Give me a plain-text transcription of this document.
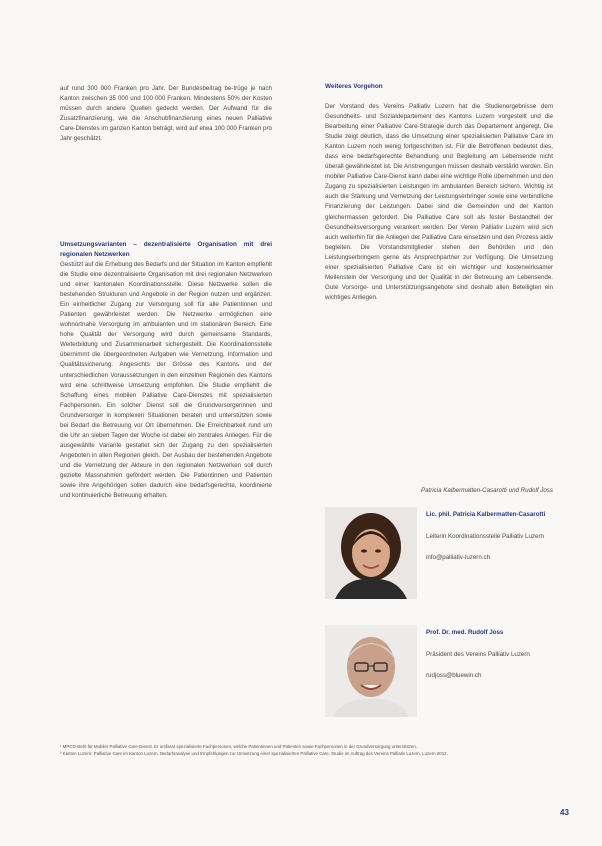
auf rund 300 000 Franken pro Jahr. Der Bundesbeitrag be-trüge je nach Kanton zwischen 35 000 und 100 000 Franken. Mindestens 50% der Kosten müssen durch andere Quellen gedeckt werden. Der Aufwand für die Zusatzfinanzierung, wie die Anschubfinanzierung eines neuen Palliative Care-Dienstes im ganzen Kanton beträgt, wird auf etwa 100 000 Franken pro Jahr geschätzt.

Umsetzungsvarianten – dezentralisierte Organisation mit drei regionalen Netzwerken

Gestützt auf die Erhebung des Bedarfs und der Situation im Kanton empfiehlt die Studie eine dezentralisierte Organisation mit drei regionalen Netzwerken und einer kantonalen Koordinationsstelle. Diese Netzwerke sollen die bestehenden Strukturen und Angebote in der Region nutzen und ergänzen. Ein einheitlicher Zugang zur Versorgung soll für alle Patientinnen und Patienten gewährleistet werden. Die Netzwerke ermöglichen eine wohnortnahe Versorgung im ambulanten und im stationären Bereich. Eine hohe Qualität der Versorgung wird durch gemeinsame Standards, Weiterbildung und Zusammenarbeit sichergestellt. Die Koordinationsstelle übernimmt die übergeordneten Aufgaben wie Vernetzung, Information und Qualitätssicherung. Angesichts der Grösse des Kantons und der unterschiedlichen Voraussetzungen in den einzelnen Regionen des Kantons wird eine schrittweise Umsetzung empfohlen. Die Studie empfiehlt die Schaffung eines mobilen Palliative Care-Dienstes mit spezialisierten Fachpersonen. Ein solcher Dienst soll die Grundversorgerinnen und Grundversorger in komplexen Situationen beraten und unterstützen sowie bei Bedarf die Betreuung vor Ort übernehmen. Die Erreichbarkeit rund um die Uhr an sieben Tagen der Woche ist dabei ein zentrales Anliegen. Für die ausgewählte Variante gestaltet sich der Zugang zu den spezialisierten Angeboten in allen Regionen gleich. Der Ausbau der bestehenden Angebote und die Vernetzung der Akteure in den regionalen Netzwerken soll durch gezielte Massnahmen gefördert werden. Die Patientinnen und Patienten sowie ihre Angehörigen sollen dadurch eine bedarfsgerechte, koordinierte und kontinuierliche Betreuung erhalten.

Weiteres Vorgehon

Der Vorstand des Vereins Palliativ Luzern hat die Studienergebnisse dem Gesundheits- und Sozialdepartement des Kantons Luzern vorgestellt und die Bearbeitung einer Palliative Care-Strategie durch das Departement angeregt. Die Studie zeigt deutlich, dass die Umsetzung einer spezialisierten Palliative Care im Kanton Luzern noch wenig fortgeschritten ist. Für die Betroffenen bedeutet dies, dass eine bedarfsgerechte Behandlung und Begleitung am Lebensende nicht überall gewährleistet ist. Die Anstrengungen müssen deshalb verstärkt werden. Ein mobiler Palliative Care-Dienst kann dabei eine wichtige Rolle übernehmen und den Zugang zu spezialisierten Leistungen im ambulanten Bereich sichern. Wichtig ist auch die Stärkung und Vernetzung der Leistungserbringer sowie eine verbindliche Finanzierung der Leistungen. Dabei sind die Gemeinden und der Kanton gleichermassen gefordert. Die Palliative Care soll als fester Bestandteil der Gesundheitsversorgung verankert werden. Der Verein Palliativ Luzern wird sich auch weiterhin für die Anliegen der Palliative Care einsetzen und den Prozess aktiv begleiten. Die Vorstandsmitglieder stehen den Behörden und den Leistungserbringern gerne als Ansprechpartner zur Verfügung. Die Umsetzung einer spezialisierten Palliative Care ist ein wichtiger und kostenwirksamer Meilenstein der Versorgung und der Qualität in der Betreuung am Lebensende. Gute Vorsorge- und Unterstützungsangebote sind deshalb allen Beteiligten ein wichtiges Anliegen.

Patricia Kalbermatten-Casarotti und Rudolf Joss
Lic. phil. Patricia Kalbermatten-Casarotti
Leiterin Koordinationsstelle Palliativ Luzern
info@palliativ-luzern.ch
Prof. Dr. med. Rudolf Joss
Präsident des Vereins Palliativ Luzern
rudjoss@bluewin.ch

¹ MPCD steht für Mobiler Palliative Care-Dienst. Er umfasst spezialisierte Fachpersonen, welche Patientinnen und Patienten sowie Fachpersonen in der Grundversorgung unterstützen.

² Kanton Luzern: Palliative Care im Kanton Luzern. Bedarfsanalyse und Empfehlungen zur Umsetzung einer spezialisierten Palliative Care. Studie im Auftrag des Vereins Palliativ Luzern, Luzern 2012.

43
